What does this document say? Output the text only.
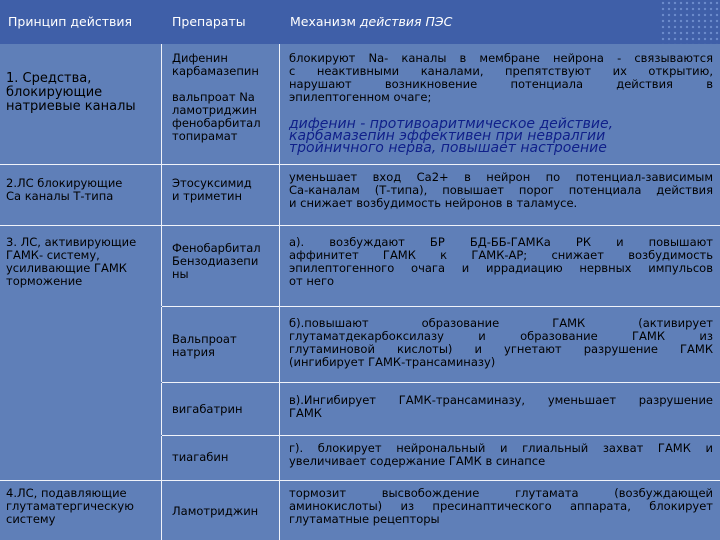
Принцип действия	Препараты	Механизм действия ПЭС
1. Средства,
блокирующие
натриевые каналы
Дифенин
карбамазепин
вальпроат Na
ламотриджин
фенобарбитал
топирамат
блокируют Na- каналы в мембране нейрона - связываются
с неактивными каналами, препятствуют их открытию,
нарушают возникновение потенциала действия в
эпилептогенном очаге;
дифенин - противоаритмическое действие,
карбамазепин эффективен при невралгии
тройничного нерва, повышает настроение
2.ЛС блокирующие
Са каналы Т-типа
Этосуксимид
и триметин
уменьшает вход Са2+ в нейрон по потенциал-зависимым
Са-каналам (Т-типа), повышает порог потенциала действия
и снижает возбудимость нейронов в таламусе.
3. ЛС, активирующие
ГАМК- систему,
усиливающие ГАМК
торможение
Фенобарбитал
Бензодиазепи
ны
а). возбуждают БР БД-ББ-ГАМКа РК и повышают
аффинитет ГАМК к ГАМК-АР; снижает возбудимость
эпилептогенного очага и иррадиацию нервных импульсов
от него
Вальпроат
натрия
б).повышают образование ГАМК (активирует
глутаматдекарбоксилазу и образование ГАМК из
глутаминовой кислоты) и угнетают разрушение ГАМК
(ингибирует ГАМК-трансаминазу)
вигабатрин
в).Ингибирует ГАМК-трансаминазу, уменьшает разрушение
ГАМК
тиагабин
г). блокирует нейрональный и глиальный захват ГАМК и
увеличивает содержание ГАМК в синапсе
4.ЛС, подавляющие
глутаматергическую
систему
Ламотриджин
тормозит высвобождение глутамата (возбуждающей
аминокислоты) из пресинаптического аппарата, блокирует
глутаматные рецепторы
